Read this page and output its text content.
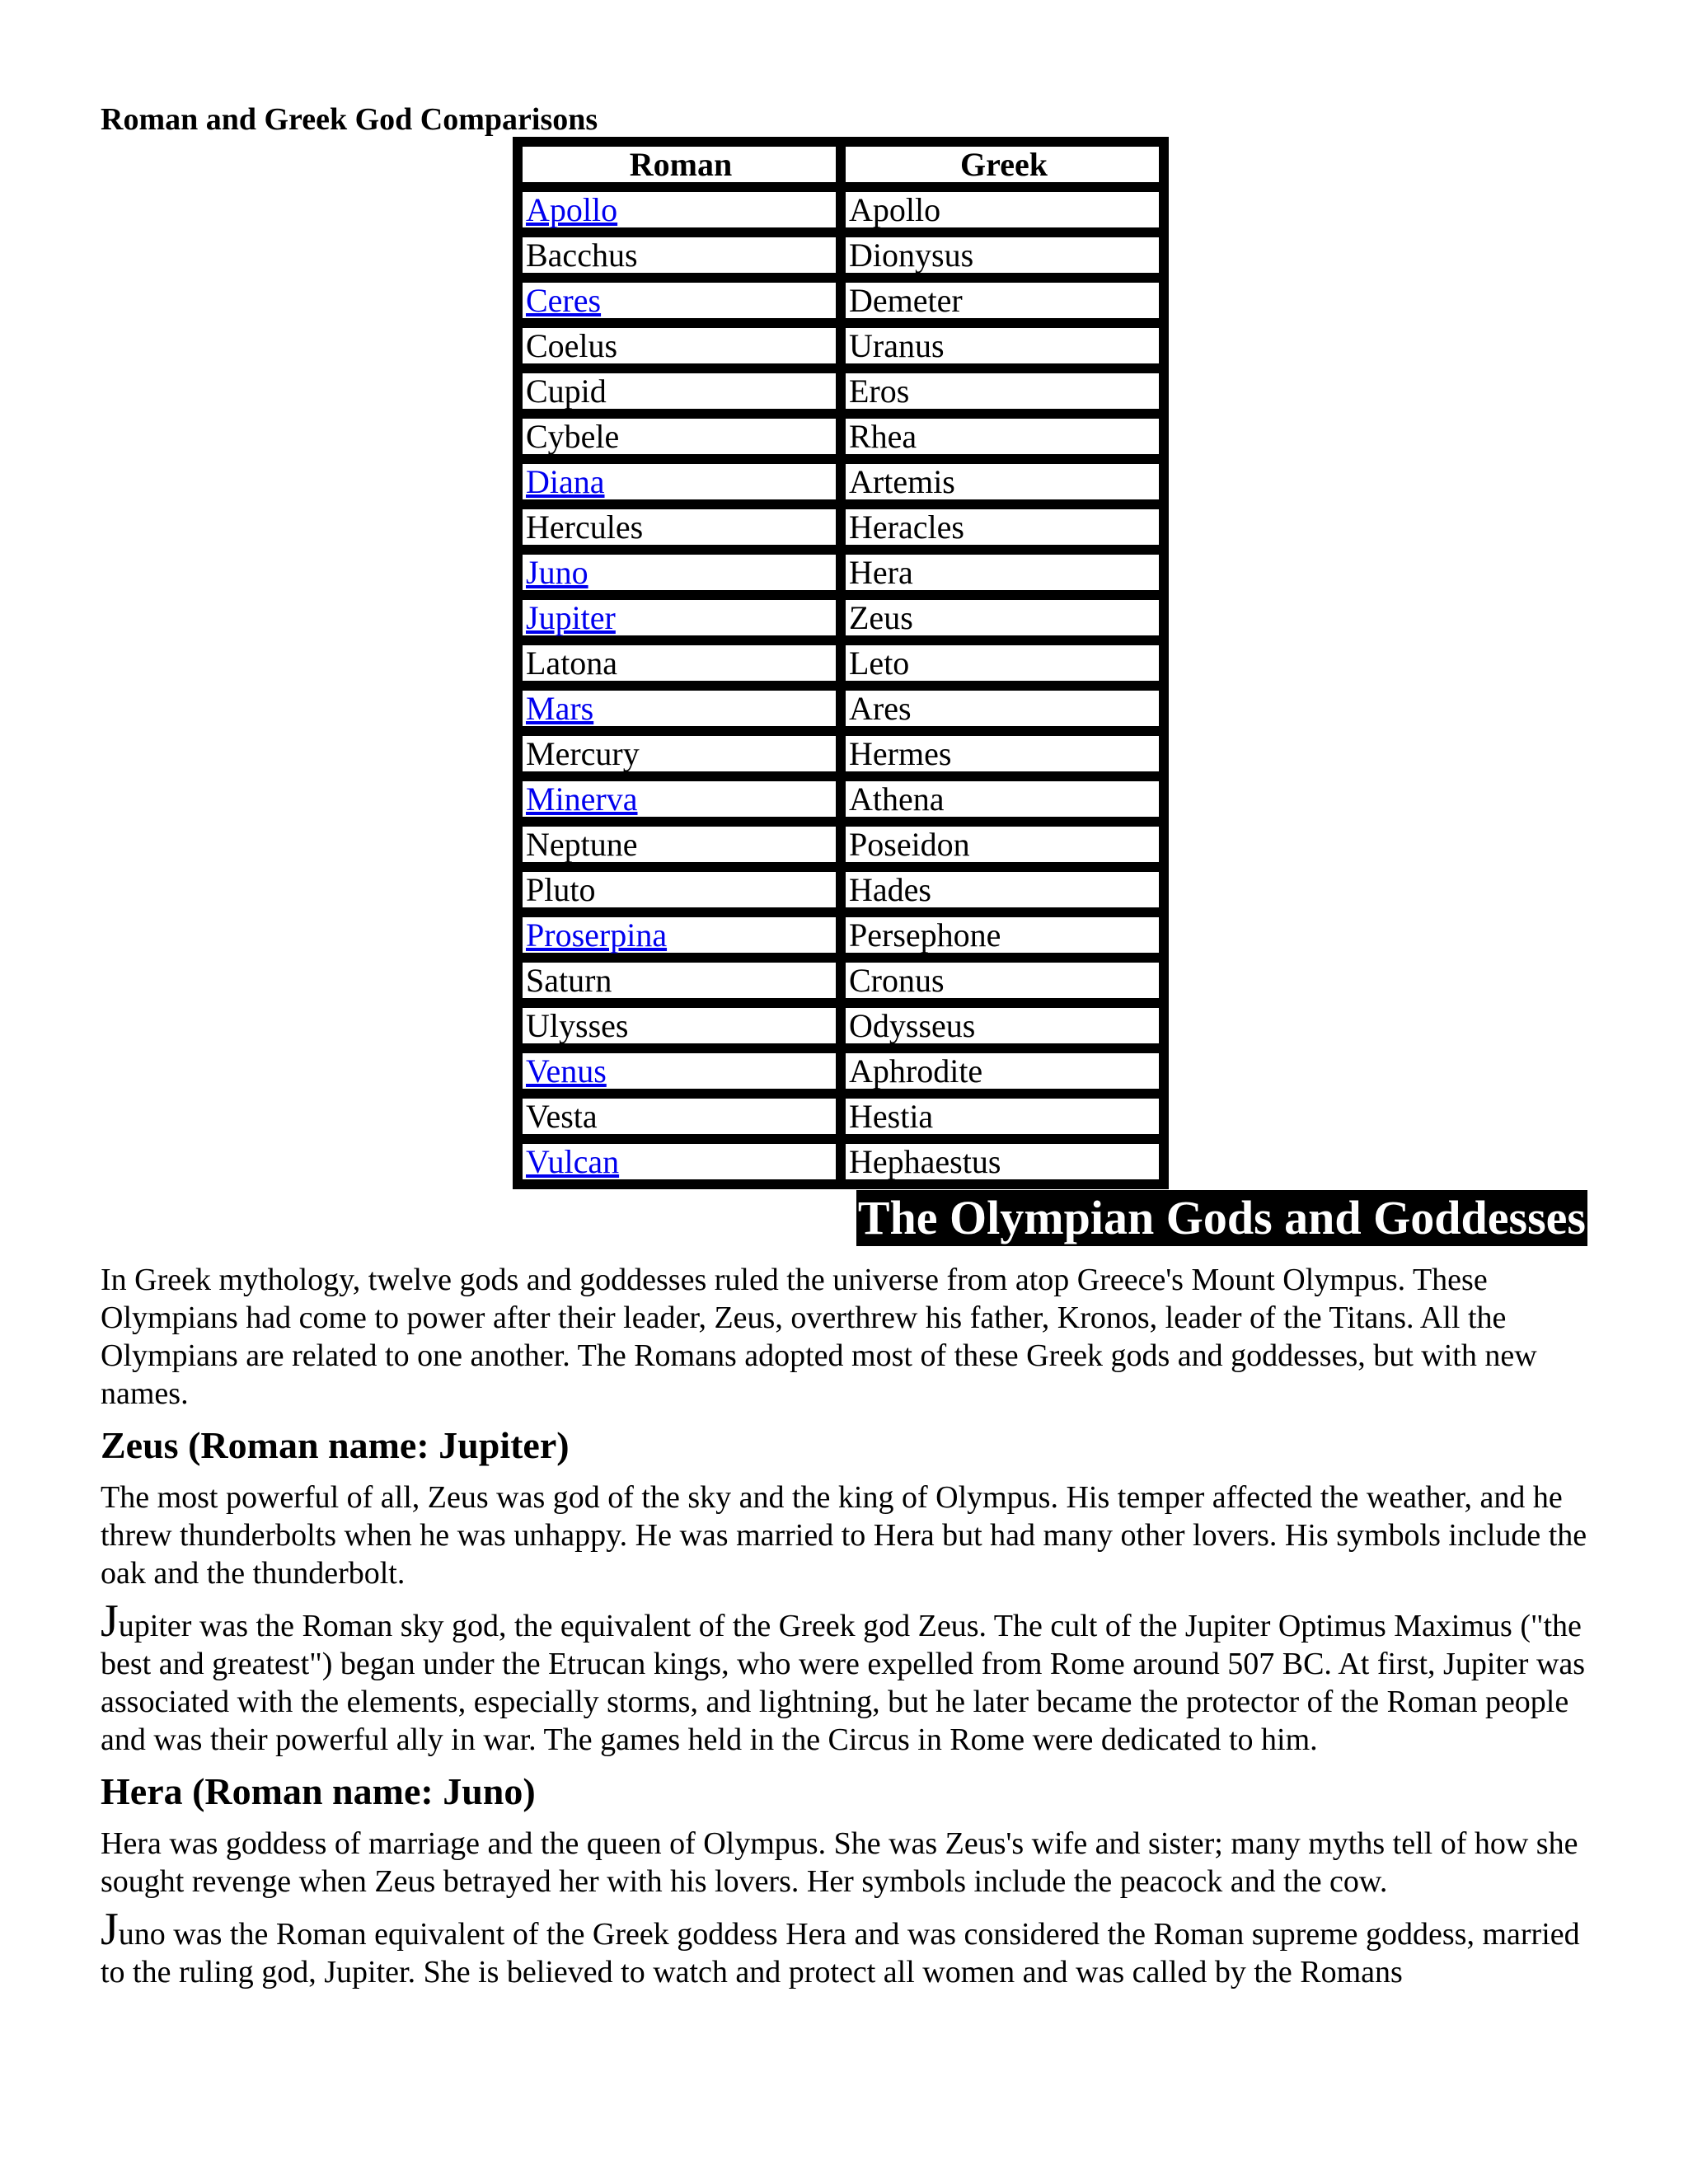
Roman and Greek God Comparisons
Roman	Greek
Apollo	Apollo
Bacchus	Dionysus
Ceres	Demeter
Coelus	Uranus
Cupid	Eros
Cybele	Rhea
Diana	Artemis
Hercules	Heracles
Juno	Hera
Jupiter	Zeus
Latona	Leto
Mars	Ares
Mercury	Hermes
Minerva	Athena
Neptune	Poseidon
Pluto	Hades
Proserpina	Persephone
Saturn	Cronus
Ulysses	Odysseus
Venus	Aphrodite
Vesta	Hestia
Vulcan	Hephaestus
The Olympian Gods and Goddesses

In Greek mythology, twelve gods and goddesses ruled the universe from atop Greece's Mount Olympus. These Olympians had come to power after their leader, Zeus, overthrew his father, Kronos, leader of the Titans. All the Olympians are related to one another. The Romans adopted most of these Greek gods and goddesses, but with new names.

Zeus (Roman name: Jupiter)

The most powerful of all, Zeus was god of the sky and the king of Olympus. His temper affected the weather, and he threw thunderbolts when he was unhappy. He was married to Hera but had many other lovers. His symbols include the oak and the thunderbolt.

Jupiter was the Roman sky god, the equivalent of the Greek god Zeus. The cult of the Jupiter Optimus Maximus ("the best and greatest") began under the Etrucan kings, who were expelled from Rome around 507 BC. At first, Jupiter was associated with the elements, especially storms, and lightning, but he later became the protector of the Roman people and was their powerful ally in war. The games held in the Circus in Rome were dedicated to him.

Hera (Roman name: Juno)

Hera was goddess of marriage and the queen of Olympus. She was Zeus's wife and sister; many myths tell of how she sought revenge when Zeus betrayed her with his lovers. Her symbols include the peacock and the cow.

Juno was the Roman equivalent of the Greek goddess Hera and was considered the Roman supreme goddess, married to the ruling god, Jupiter. She is believed to watch and protect all women and was called by the Romans
